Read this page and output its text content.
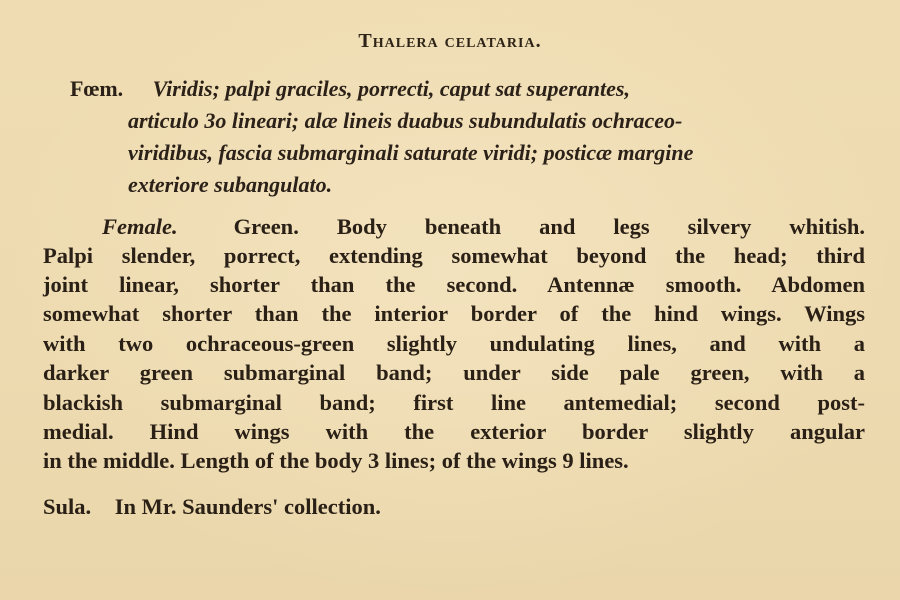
Thalera celataria.
Fœm. Viridis; palpi graciles, porrecti, caput sat superantes,
articulo 3o lineari; alæ lineis duabus subundulatis ochraceo-
viridibus, fascia submarginali saturate viridi; posticæ margine
exteriore subangulato.
Female. Green. Body beneath and legs silvery whitish.
Palpi slender, porrect, extending somewhat beyond the head; third
joint linear, shorter than the second. Antennæ smooth. Abdomen
somewhat shorter than the interior border of the hind wings. Wings
with two ochraceous-green slightly undulating lines, and with a
darker green submarginal band; under side pale green, with a
blackish submarginal band; first line antemedial; second post-
medial. Hind wings with the exterior border slightly angular
in the middle. Length of the body 3 lines; of the wings 9 lines.
Sula. In Mr. Saunders' collection.
